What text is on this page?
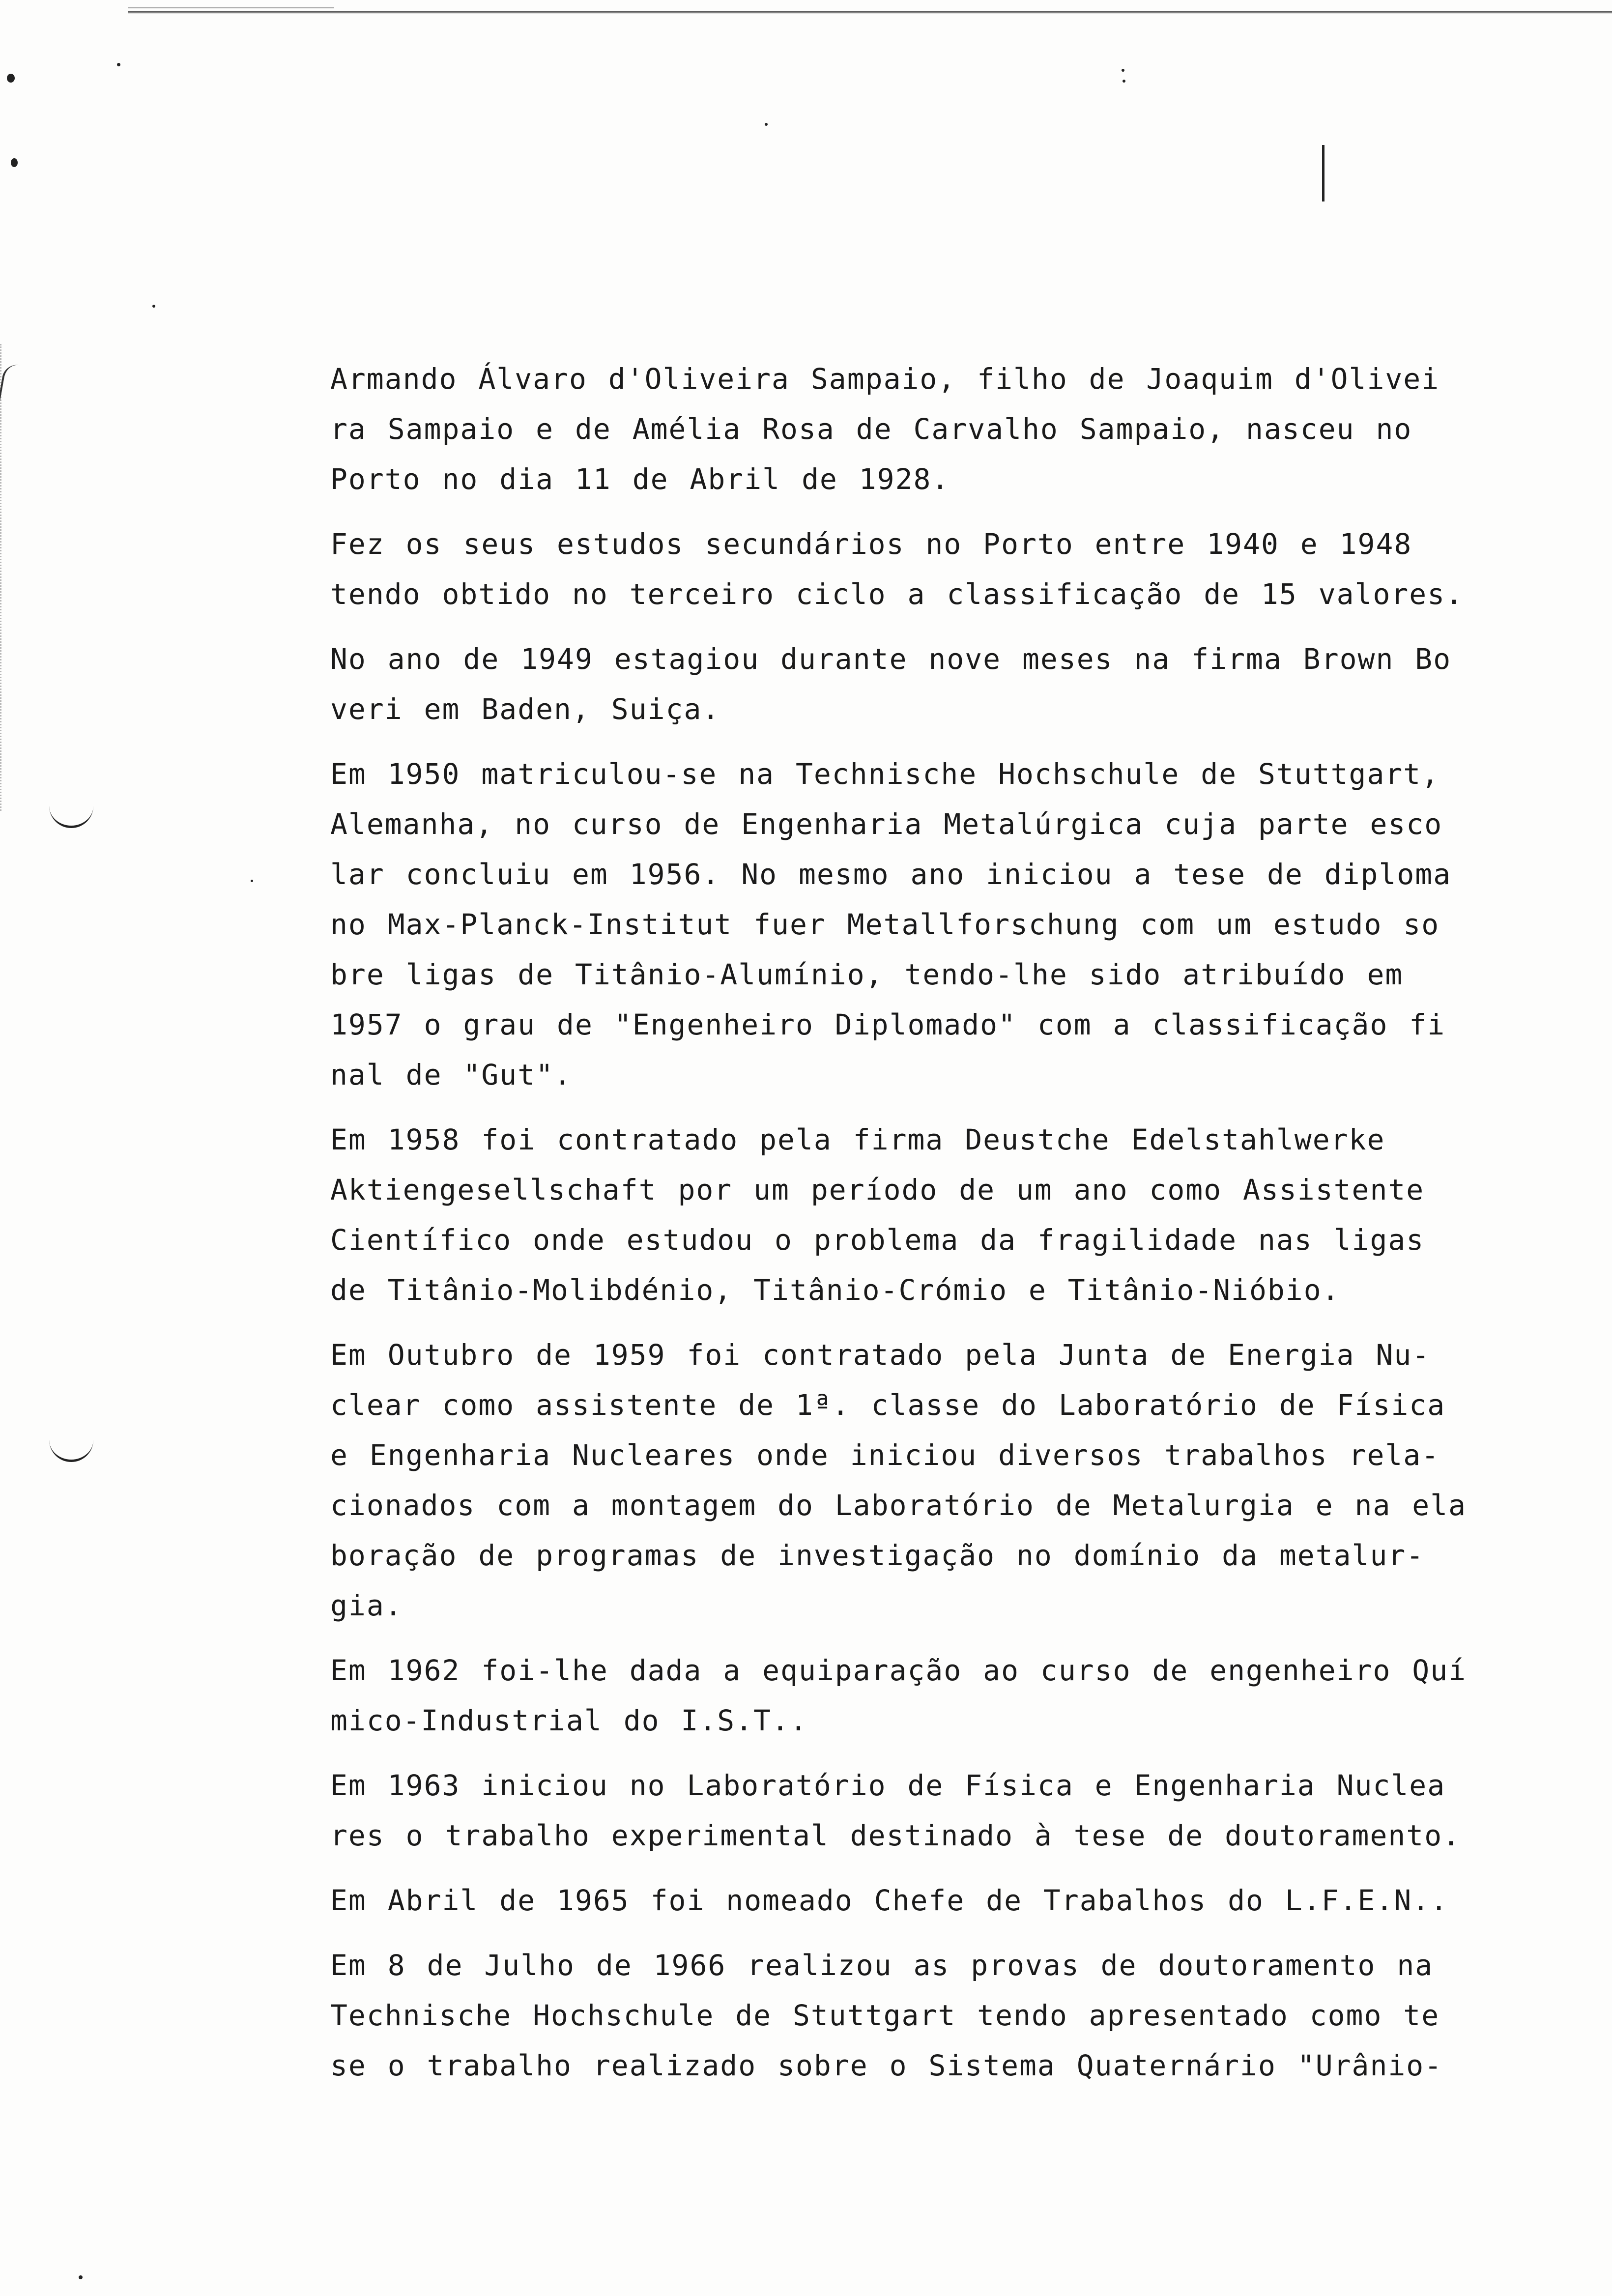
Armando Álvaro d'Oliveira Sampaio, filho de Joaquim d'Olivei
ra Sampaio e de Amélia Rosa de Carvalho Sampaio, nasceu no
Porto no dia 11 de Abril de 1928.
Fez os seus estudos secundários no Porto entre 1940 e 1948
tendo obtido no terceiro ciclo a classificação de 15 valores.
No ano de 1949 estagiou durante nove meses na firma Brown Bo
veri em Baden, Suiça.
Em 1950 matriculou-se na Technische Hochschule de Stuttgart,
Alemanha, no curso de Engenharia Metalúrgica cuja parte esco
lar concluiu em 1956. No mesmo ano iniciou a tese de diploma
no Max-Planck-Institut fuer Metallforschung com um estudo so
bre ligas de Titânio-Alumínio, tendo-lhe sido atribuído em
1957 o grau de "Engenheiro Diplomado" com a classificação fi
nal de "Gut".
Em 1958 foi contratado pela firma Deustche Edelstahlwerke
Aktiengesellschaft por um período de um ano como Assistente
Científico onde estudou o problema da fragilidade nas ligas
de Titânio-Molibdénio, Titânio-Crómio e Titânio-Nióbio.
Em Outubro de 1959 foi contratado pela Junta de Energia Nu-
clear como assistente de 1ª. classe do Laboratório de Física
e Engenharia Nucleares onde iniciou diversos trabalhos rela-
cionados com a montagem do Laboratório de Metalurgia e na ela
boração de programas de investigação no domínio da metalur-
gia.
Em 1962 foi-lhe dada a equiparação ao curso de engenheiro Quí
mico-Industrial do I.S.T..
Em 1963 iniciou no Laboratório de Física e Engenharia Nuclea
res o trabalho experimental destinado à tese de doutoramento.
Em Abril de 1965 foi nomeado Chefe de Trabalhos do L.F.E.N..
Em 8 de Julho de 1966 realizou as provas de doutoramento na
Technische Hochschule de Stuttgart tendo apresentado como te
se o trabalho realizado sobre o Sistema Quaternário "Urânio-
